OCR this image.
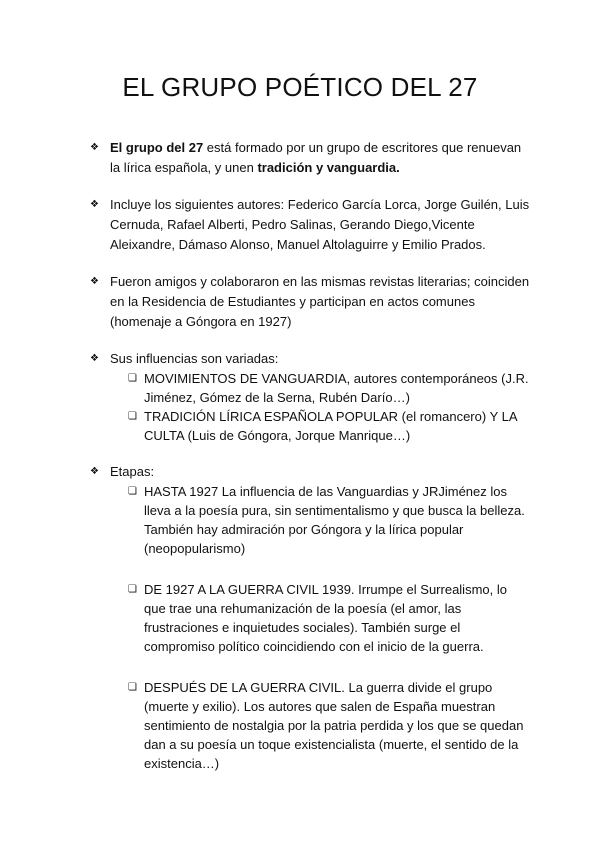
EL GRUPO POÉTICO DEL 27
❖ El grupo del 27 está formado por un grupo de escritores que renuevan la lírica española, y unen tradición y vanguardia.

❖ Incluye los siguientes autores: Federico García Lorca, Jorge Guilén, Luis Cernuda, Rafael Alberti, Pedro Salinas, Gerando Diego,Vicente Aleixandre, Dámaso Alonso, Manuel Altolaguirre y Emilio Prados.

❖ Fueron amigos y colaboraron en las mismas revistas literarias; coinciden en la Residencia de Estudiantes y participan en actos comunes (homenaje a Góngora en 1927)

❖ Sus influencias son variadas:

❏ MOVIMIENTOS DE VANGUARDIA, autores contemporáneos (J.R. Jiménez, Gómez de la Serna, Rubén Darío…)
❏ TRADICIÓN LÍRICA ESPAÑOLA POPULAR (el romancero) Y LA CULTA (Luis de Góngora, Jorque Manrique…)
❖ Etapas:

❏ HASTA 1927 La influencia de las Vanguardias y JRJiménez los lleva a la poesía pura, sin sentimentalismo y que busca la belleza. También hay admiración por Góngora y la lírica popular (neopopularismo)
❏ DE 1927 A LA GUERRA CIVIL 1939. Irrumpe el Surrealismo, lo que trae una rehumanización de la poesía (el amor, las frustraciones e inquietudes sociales). También surge el compromiso político coincidiendo con el inicio de la guerra.
❏ DESPUÉS DE LA GUERRA CIVIL. La guerra divide el grupo (muerte y exilio). Los autores que salen de España muestran sentimiento de nostalgia por la patria perdida y los que se quedan dan a su poesía un toque existencialista (muerte, el sentido de la existencia…)
